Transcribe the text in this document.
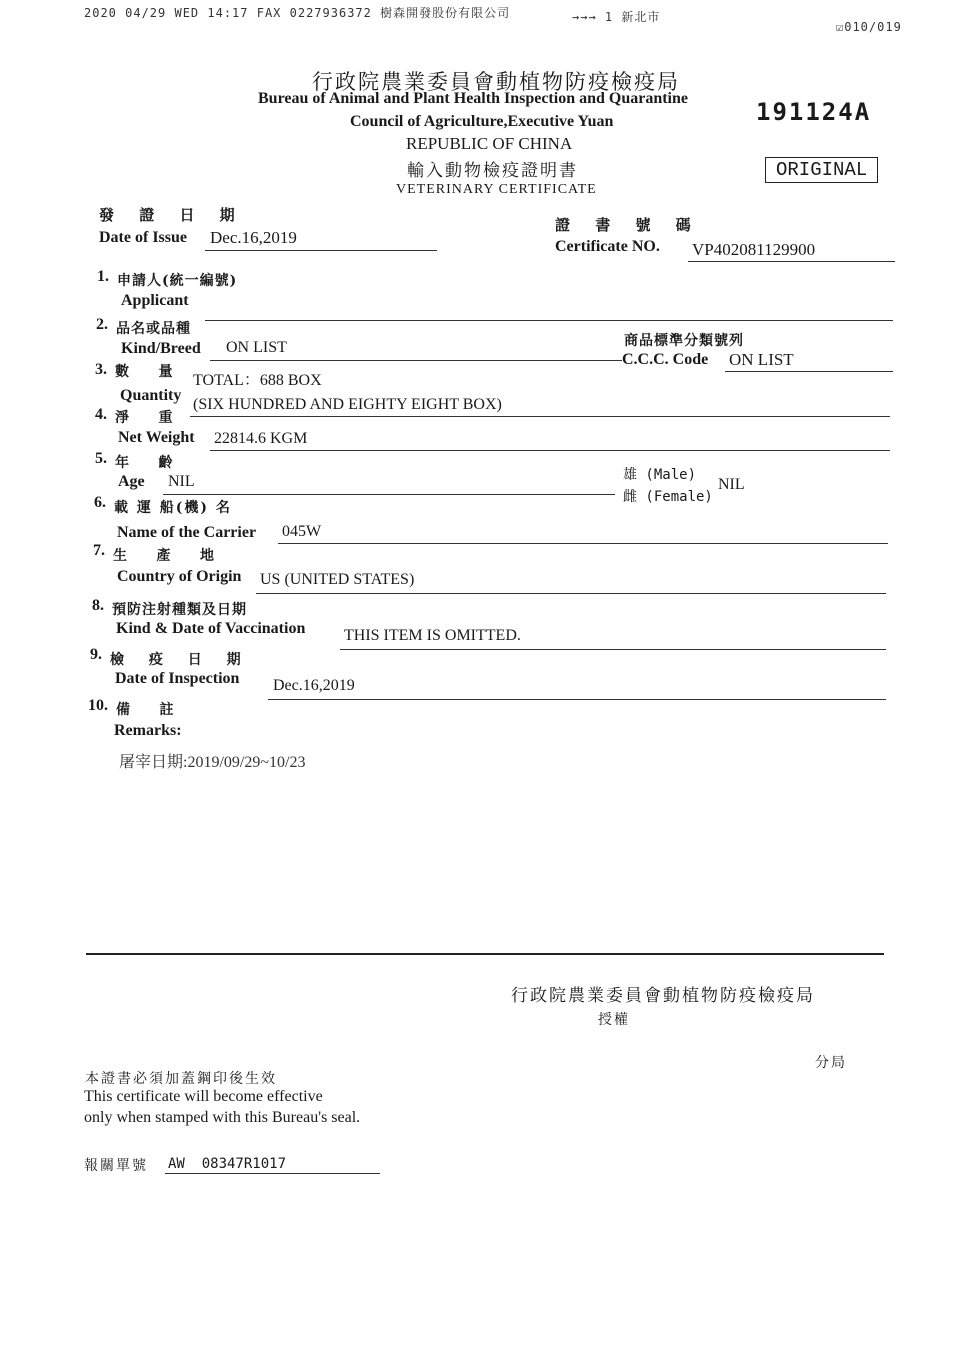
2020 04/29 WED 14:17 FAX 0227936372 樹森開發股份有限公司	→→→ 1 新北市
☑010/019
行政院農業委員會動植物防疫檢疫局
Bureau of Animal and Plant Health Inspection and Quarantine
Council of Agriculture,Executive Yuan
REPUBLIC OF CHINA
輸入動物檢疫證明書
VETERINARY CERTIFICATE
191124A
ORIGINAL
發 證 日 期
Date of Issue Dec.16,2019
證 書 號 碼
Certificate NO. VP402081129900
1. 申請人(統一編號)
Applicant
2. 品名或品種
Kind/Breed ON LIST	商品標準分類號列
C.C.C. Code ON LIST
3. 數    量 TOTAL：688 BOX
Quantity
(SIX HUNDRED AND EIGHTY EIGHT BOX)
4. 淨    重
Net Weight 22814.6 KGM
5. 年    齡
Age NIL	雄 (Male)
雌 (Female)
NIL
6. 載 運 船(機) 名
Name of the Carrier 045W
7. 生    產    地
Country of Origin US (UNITED STATES)
8. 預防注射種類及日期
Kind & Date of Vaccination THIS ITEM IS OMITTED.
9. 檢 疫 日 期
Date of Inspection Dec.16,2019
10. 備    註
Remarks:
屠宰日期:2019/09/29~10/23
行政院農業委員會動植物防疫檢疫局
授權
分局
本證書必須加蓋鋼印後生效
This certificate will become effective
only when stamped with this Bureau's seal.
報關單號 AW  08347R1017
